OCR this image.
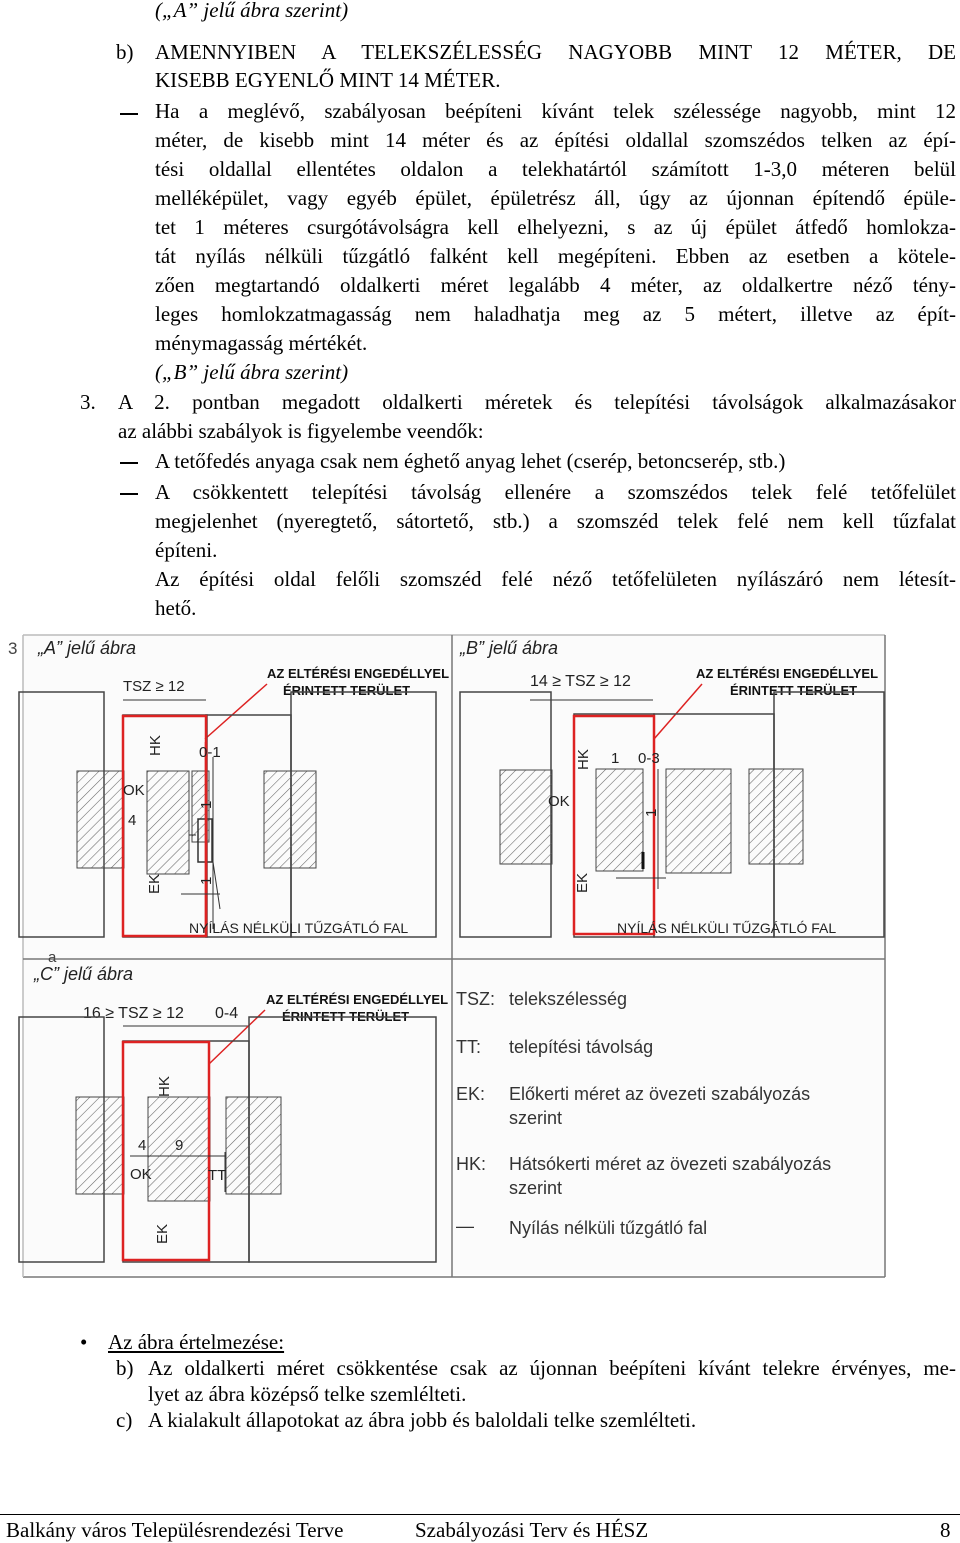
(„A” jelű ábra szerint)
b) AMENNYIBEN A TELEKSZÉLESSÉG NAGYOBB MINT 12 MÉTER, DE
KISEBB EGYENLŐ MINT 14 MÉTER.
Ha a meglévő, szabályosan beépíteni kívánt telek szélessége nagyobb, mint 12
méter, de kisebb mint 14 méter és az építési oldallal szomszédos telken az épí-
tési oldallal ellentétes oldalon a telekhatártól számított 1-3,0 méteren belül
melléképület, vagy egyéb épület, épületrész áll, úgy az újonnan építendő épüle-
tet 1 méteres csurgótávolságra kell elhelyezni, s az új épület átfedő homlokza-
tát nyílás nélküli tűzgátló falként kell megépíteni. Ebben az esetben a kötele-
zően megtartandó oldalkerti méret legalább 4 méter, az oldalkertre néző tény-
leges homlokzatmagasság nem haladhatja meg az 5 métert, illetve az épít-
ménymagasság mértékét.
(„B” jelű ábra szerint)
3. A 2. pontban megadott oldalkerti méretek és telepítési távolságok alkalmazásakor
az alábbi szabályok is figyelembe veendők:
A tetőfedés anyaga csak nem éghető anyag lehet (cserép, betoncserép, stb.)
A csökkentett telepítési távolság ellenére a szomszédos telek felé tetőfelület
megjelenhet (nyeregtető, sátortető, stb.) a szomszéd telek felé nem kell tűzfalat
építeni.
Az építési oldal felőli szomszéd felé néző tetőfelületen nyílászáró nem létesít-
hető.
3
a
„A” jelű ábra
TSZ ≥ 12
AZ ELTÉRÉSI ENGEDÉLLYEL
ÉRINTETT TERÜLET
HK
OK
4
EK
0-1
1
1
NYÍLÁS NÉLKÜLI TŰZGÁTLÓ FAL
„B” jelű ábra
14 ≥ TSZ ≥ 12	AZ ELTÉRÉSI ENGEDÉLLYEL
ÉRINTETT TERÜLET
HK
OK
EK
1 0-3
1
NYÍLÁS NÉLKÜLI TŰZGÁTLÓ FAL
„C” jelű ábra
16 ≥ TSZ ≥ 12 0-4
AZ ELTÉRÉSI ENGEDÉLLYEL
ÉRINTETT TERÜLET
HK
4 9
OK	TT
EK
TSZ: telekszélesség
TT: telepítési távolság
EK: Előkerti méret az övezeti szabályozás
szerint
HK: Hátsókerti méret az övezeti szabályozás
szerint
— Nyílás nélküli tűzgátló fal
• Az ábra értelmezése:
b) Az oldalkerti méret csökkentése csak az újonnan beépíteni kívánt telekre érvényes, me-
lyet az ábra középső telke szemlélteti.
c) A kialakult állapotokat az ábra jobb és baloldali telke szemlélteti.
Balkány város Településrendezési Terve	Szabályozási Terv és HÉSZ	8
